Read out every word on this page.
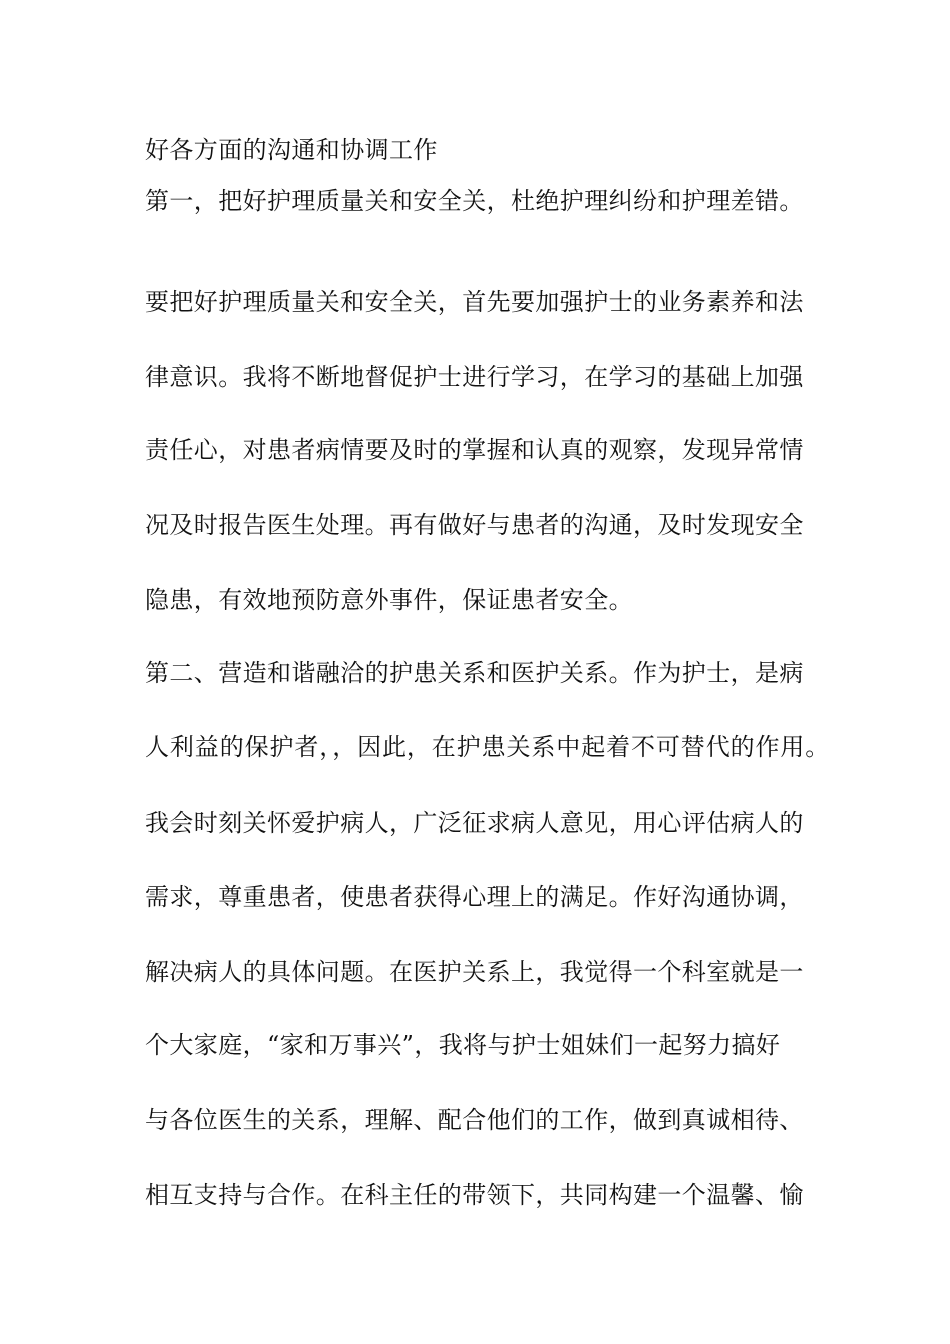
好各方面的沟通和协调工作
第一，把好护理质量关和安全关，杜绝护理纠纷和护理差错。
要把好护理质量关和安全关，首先要加强护士的业务素养和法
律意识。我将不断地督促护士进行学习，在学习的基础上加强
责任心，对患者病情要及时的掌握和认真的观察，发现异常情
况及时报告医生处理。再有做好与患者的沟通，及时发现安全
隐患，有效地预防意外事件，保证患者安全。
第二、营造和谐融洽的护患关系和医护关系。作为护士，是病
人利益的保护者，，因此，在护患关系中起着不可替代的作用。
我会时刻关怀爱护病人，广泛征求病人意见，用心评估病人的
需求，尊重患者，使患者获得心理上的满足。作好沟通协调，
解决病人的具体问题。在医护关系上，我觉得一个科室就是一
个大家庭，“家和万事兴”，我将与护士姐妹们一起努力搞好
与各位医生的关系，理解、配合他们的工作，做到真诚相待、
相互支持与合作。在科主任的带领下，共同构建一个温馨、愉
